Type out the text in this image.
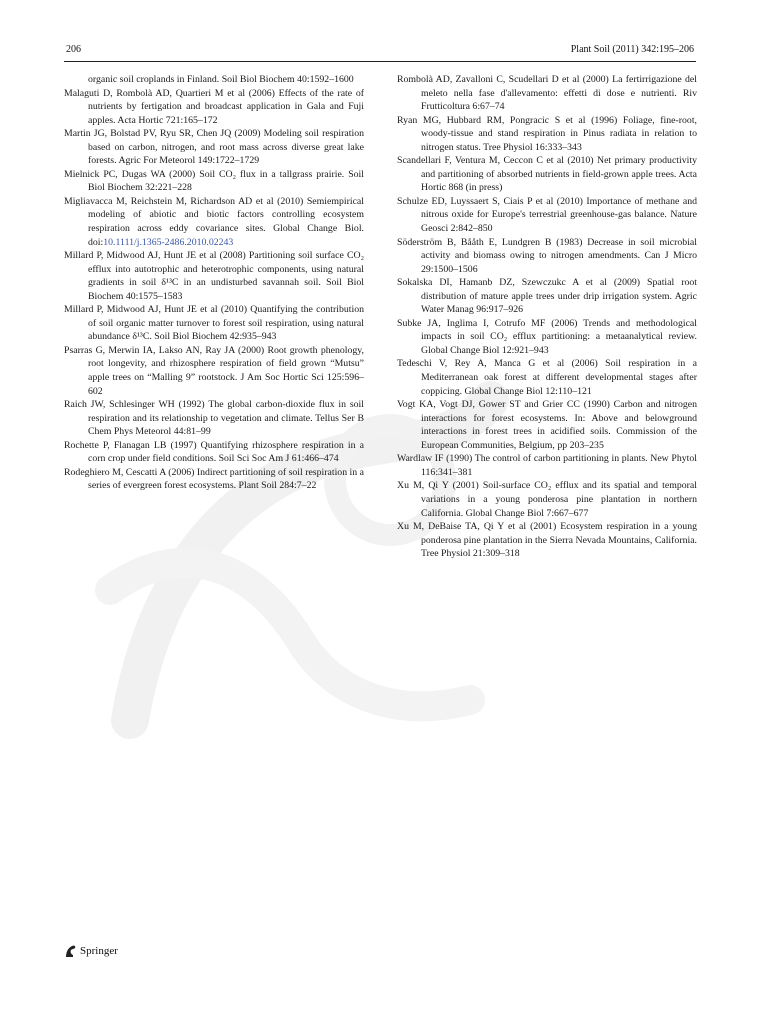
206	Plant Soil (2011) 342:195–206

organic soil croplands in Finland. Soil Biol Biochem 40:1592–1600

Malaguti D, Rombolà AD, Quartieri M et al (2006) Effects of the rate of nutrients by fertigation and broadcast application in Gala and Fuji apples. Acta Hortic 721:165–172

Martin JG, Bolstad PV, Ryu SR, Chen JQ (2009) Modeling soil respiration based on carbon, nitrogen, and root mass across diverse great lake forests. Agric For Meteorol 149:1722–1729

Mielnick PC, Dugas WA (2000) Soil CO₂ flux in a tallgrass prairie. Soil Biol Biochem 32:221–228

Migliavacca M, Reichstein M, Richardson AD et al (2010) Semiempirical modeling of abiotic and biotic factors controlling ecosystem respiration across eddy covariance sites. Global Change Biol. doi:10.1111/j.1365-2486.2010.02243

Millard P, Midwood AJ, Hunt JE et al (2008) Partitioning soil surface CO₂ efflux into autotrophic and heterotrophic components, using natural gradients in soil δ¹³C in an undisturbed savannah soil. Soil Biol Biochem 40:1575–1583

Millard P, Midwood AJ, Hunt JE et al (2010) Quantifying the contribution of soil organic matter turnover to forest soil respiration, using natural abundance δ¹³C. Soil Biol Biochem 42:935–943

Psarras G, Merwin IA, Lakso AN, Ray JA (2000) Root growth phenology, root longevity, and rhizosphere respiration of field grown “Mutsu” apple trees on “Malling 9” rootstock. J Am Soc Hortic Sci 125:596–602

Raich JW, Schlesinger WH (1992) The global carbon-dioxide flux in soil respiration and its relationship to vegetation and climate. Tellus Ser B Chem Phys Meteorol 44:81–99

Rochette P, Flanagan LB (1997) Quantifying rhizosphere respiration in a corn crop under field conditions. Soil Sci Soc Am J 61:466–474

Rodeghiero M, Cescatti A (2006) Indirect partitioning of soil respiration in a series of evergreen forest ecosystems. Plant Soil 284:7–22

Rombolà AD, Zavalloni C, Scudellari D et al (2000) La fertirrigazione del meleto nella fase d'allevamento: effetti di dose e nutrienti. Riv Frutticoltura 6:67–74

Ryan MG, Hubbard RM, Pongracic S et al (1996) Foliage, fine-root, woody-tissue and stand respiration in Pinus radiata in relation to nitrogen status. Tree Physiol 16:333–343

Scandellari F, Ventura M, Ceccon C et al (2010) Net primary productivity and partitioning of absorbed nutrients in field-grown apple trees. Acta Hortic 868 (in press)

Schulze ED, Luyssaert S, Ciais P et al (2010) Importance of methane and nitrous oxide for Europe's terrestrial greenhouse-gas balance. Nature Geosci 2:842–850

Söderström B, Bååth E, Lundgren B (1983) Decrease in soil microbial activity and biomass owing to nitrogen amendments. Can J Micro 29:1500–1506

Sokalska DI, Hamanb DZ, Szewczukc A et al (2009) Spatial root distribution of mature apple trees under drip irrigation system. Agric Water Manag 96:917–926

Subke JA, Inglima I, Cotrufo MF (2006) Trends and methodological impacts in soil CO₂ efflux partitioning: a metaanalytical review. Global Change Biol 12:921–943

Tedeschi V, Rey A, Manca G et al (2006) Soil respiration in a Mediterranean oak forest at different developmental stages after coppicing. Global Change Biol 12:110–121

Vogt KA, Vogt DJ, Gower ST and Grier CC (1990) Carbon and nitrogen interactions for forest ecosystems. In: Above and belowground interactions in forest trees in acidified soils. Commission of the European Communities, Belgium, pp 203–235

Wardlaw IF (1990) The control of carbon partitioning in plants. New Phytol 116:341–381

Xu M, Qi Y (2001) Soil-surface CO₂ efflux and its spatial and temporal variations in a young ponderosa pine plantation in northern California. Global Change Biol 7:667–677

Xu M, DeBaise TA, Qi Y et al (2001) Ecosystem respiration in a young ponderosa pine plantation in the Sierra Nevada Mountains, California. Tree Physiol 21:309–318

Springer
